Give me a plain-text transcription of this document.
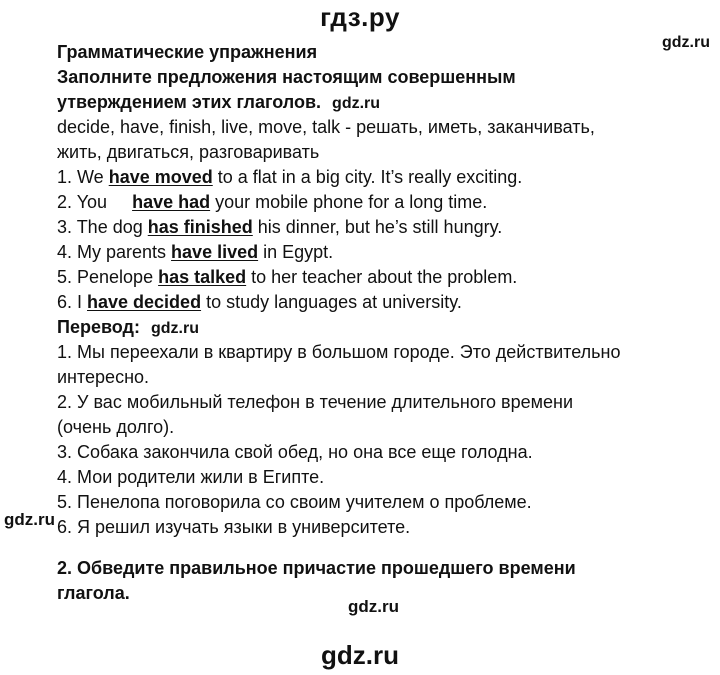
гдз.ру
gdz.ru
gdz.ru
gdz.ru
gdz.ru
Грамматические упражнения
Заполните предложения настоящим совершенным
утверждением этих глаголов. gdz.ru
decide, have, finish, live, move, talk - решать, иметь, заканчивать,
жить, двигаться, разговаривать
1. We have moved to a flat in a big city. It’s really exciting.
2. You     have had your mobile phone for a long time.
3. The dog has finished his dinner, but he’s still hungry.
4. My parents have lived in Egypt.
5. Penelope has talked to her teacher about the problem.
6. I have decided to study languages at university.
Перевод: gdz.ru
1. Мы переехали в квартиру в большом городе. Это действительно
интересно.
2. У вас мобильный телефон в течение длительного времени
(очень долго).
3. Собака закончила свой обед, но она все еще голодна.
4. Мои родители жили в Египте.
5. Пенелопа поговорила со своим учителем о проблеме.
6. Я решил изучать языки в университете.
2. Обведите правильное причастие прошедшего времени
глагола.
